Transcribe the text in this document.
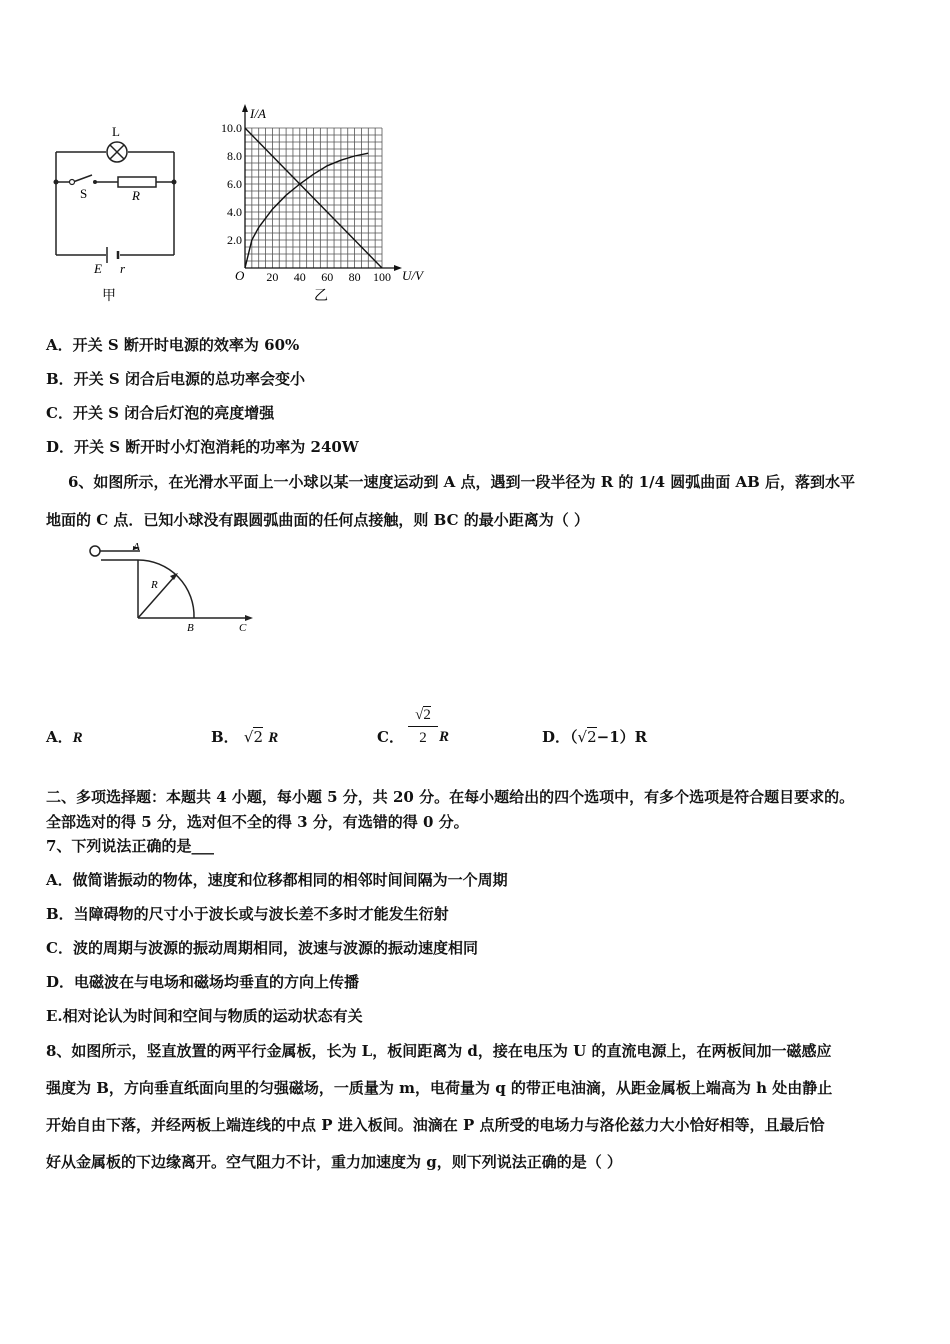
L
S	R
E r
甲
20 40 60 80 100
2.0
4.0
6.0
8.0
10.0
I/A
U/V
O
乙
A．开关 S 断开时电源的效率为 60%
B．开关 S 闭合后电源的总功率会变小
C．开关 S 闭合后灯泡的亮度增强
D．开关 S 断开时小灯泡消耗的功率为 240W
6、如图所示，在光滑水平面上一小球以某一速度运动到 A 点，遇到一段半径为 R 的 1/4 圆弧曲面 AB 后，落到水平
地面的 C 点．已知小球没有跟圆弧曲面的任何点接触，则 BC 的最小距离为（ ）
A
R
B	C
A．R	B． √2 R	C．
√2
2 R	D．（√2−1）R
二、多项选择题：本题共 4 小题，每小题 5 分，共 20 分。在每小题给出的四个选项中，有多个选项是符合题目要求的。
全部选对的得 5 分，选对但不全的得 3 分，有选错的得 0 分。
7、下列说法正确的是___
A．做简谐振动的物体，速度和位移都相同的相邻时间间隔为一个周期
B．当障碍物的尺寸小于波长或与波长差不多时才能发生衍射
C．波的周期与波源的振动周期相同，波速与波源的振动速度相同
D．电磁波在与电场和磁场均垂直的方向上传播
E.相对论认为时间和空间与物质的运动状态有关
8、如图所示，竖直放置的两平行金属板，长为 L，板间距离为 d，接在电压为 U 的直流电源上，在两板间加一磁感应
强度为 B，方向垂直纸面向里的匀强磁场，一质量为 m，电荷量为 q 的带正电油滴，从距金属板上端高为 h 处由静止
开始自由下落，并经两板上端连线的中点 P 进入板间。油滴在 P 点所受的电场力与洛伦兹力大小恰好相等，且最后恰
好从金属板的下边缘离开。空气阻力不计，重力加速度为 g，则下列说法正确的是（ ）
